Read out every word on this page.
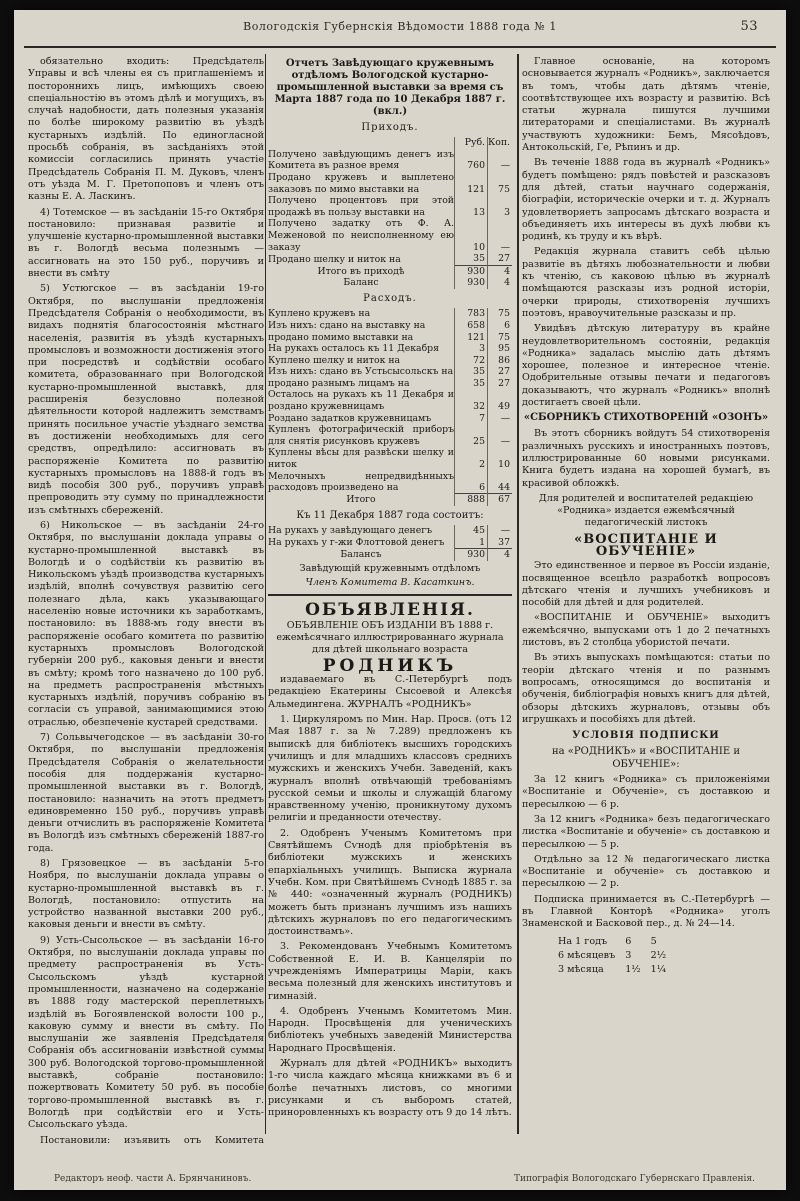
Вологодскія Губернскія Вѣдомости 1888 года № 1	53

обязательно входить: Предсѣдатель Управы и всѣ члены ея съ приглашеніемъ и постороннихъ лицъ, имѣющихъ своею спеціальностію въ этомъ дѣлѣ и могущихъ, въ случаѣ надобности, дать полезныя указанія по болѣе широкому развитію въ уѣздѣ кустарныхъ издѣлій. По единогласной просьбѣ собранія, въ засѣданіяхъ этой комиссіи согласились принять участіе Предсѣдатель Собранія П. М. Дуковъ, членъ отъ уѣзда М. Г. Претопоповъ и членъ отъ казны Е. А. Ласкинъ.

4) Тотемское — въ засѣданіи 15-го Октября постановило: признавая развитіе и улучшеніе кустарно-промышленной выставки въ г. Вологдѣ весьма полезнымъ — ассигновать на это 150 руб., поручивъ и внести въ смѣту

5) Устюгское — въ засѣданіи 19-го Октября, по выслушаніи предложенія Предсѣдателя Собранія о необходимости, въ видахъ поднятія благосостоянія мѣстнаго населенія, развитія въ уѣздѣ кустарныхъ промысловъ и возможности достиженія этого при посредствѣ и содѣйствіи особаго комитета, образованнаго при Вологодской кустарно-промышленной выставкѣ, для расширенія безусловно полезной дѣятельности которой надлежитъ земствамъ принять посильное участіе уѣзднаго земства въ достиженіи необходимыхъ для сего средствъ, опредѣлило: ассигновать въ распоряженіе Комитета по развитію кустарныхъ промысловъ на 1888-й годъ въ видѣ пособія 300 руб., поручивъ управѣ препроводить эту сумму по принадлежности изъ смѣтныхъ сбереженій.

6) Никольское — въ засѣданіи 24-го Октября, по выслушаніи доклада управы о кустарно-промышленной выставкѣ въ Вологдѣ и о содѣйствіи къ развитію въ Никольскомъ уѣздѣ производства кустарныхъ издѣлій, вполнѣ сочувствуя развитію сего полезнаго дѣла, какъ указывающаго населенію новые источники къ заработкамъ, постановило: въ 1888-мъ году внести въ распоряженіе особаго комитета по развитію кустарныхъ промысловъ Вологодской губерніи 200 руб., каковыя деньги и внести въ смѣту; кромѣ того назначено до 100 руб. на предметъ распространенія мѣстныхъ кустарныхъ издѣлій, поручивъ собранію въ согласіи съ управой, занимающимися этою отраслью, обезпеченіе кустарей средствами.

7) Сольвычегодское — въ засѣданіи 30-го Октября, по выслушаніи предложенія Предсѣдателя Собранія о желательности пособія для поддержанія кустарно-промышленной выставки въ г. Вологдѣ, постановило: назначить на этотъ предметъ единовременно 150 руб., поручивъ управѣ деньги отчислить въ распоряженіе Комитета въ Вологдѣ изъ смѣтныхъ сбереженій 1887-го года.

8) Грязовецкое — въ засѣданіи 5-го Ноября, по выслушаніи доклада управы о кустарно-промышленной выставкѣ въ г. Вологдѣ, постановило: отпустить на устройство названной выставки 200 руб., каковыя деньги и внести въ смѣту.

9) Усть-Сысольское — въ засѣданіи 16-го Октября, по выслушаніи доклада управы по предмету распространенія въ Усть-Сысольскомъ уѣздѣ кустарной промышленности, назначено на содержаніе въ 1888 году мастерской переплетныхъ издѣлій въ Богоявленской волости 100 р., каковую сумму и внести въ смѣту. По выслушаніи же заявленія Предсѣдателя Собранія объ ассигнованіи извѣстной суммы 300 руб. Вологодской торгово-промышленной выставкѣ, собраніе постановило: пожертвовать Комитету 50 руб. въ пособіе торгово-промышленной выставкѣ въ г. Вологдѣ при содѣйствіи его и Усть-Сысольскаго уѣзда.

Постановили: изъявить отъ Комитета

Отчетъ Завѣдующаго кружевнымъ отдѣломъ Вологодской кустарно-промышленной выставки за время съ Марта 1887 года по 10 Декабря 1887 г. (вкл.)
Приходъ.
	Руб.	Коп.
Получено завѣдующимъ денегъ изъ Комитета въ разное время	760	—
Продано кружевъ и выплетено заказовъ по мимо выставки на	121	75
Получено процентовъ при этой продажѣ въ пользу выставки на	13	3
Получено задатку отъ Ф. А. Меженовой по неисполненному ею заказу	10	—
Продано шелку и ниток на	35	27
Итого въ приходѣ	930	4
Баланс	930	4
Расходъ.
Куплено кружевъ на	783	75
Изъ нихъ: сдано на выставку на	658	6
продано помимо выставки на	121	75
На рукахъ осталось къ 11 Декабря	3	95
Куплено шелку и ниток на	72	86
Изъ нихъ: сдано въ Устьсысольскъ на	35	27
продано разнымъ лицамъ на	35	27
Осталось на рукахъ къ 11 Декабря и роздано кружевницамъ	32	49
Роздано задатков кружевницамъ	7	—
Купленъ фотографическій приборъ для снятія рисунковъ кружевъ	25	—
Куплены вѣсы для развѣски шелку и ниток	2	10
Мелочныхъ непредвидѣнныхъ расходовъ произведено на	6	44
Итого	888	67
Къ 11 Декабря 1887 года состоитъ:
На рукахъ у завѣдующаго денегъ	45	—
На рукахъ у г-жи Флоттовой денегъ	1	37
Балансъ	930	4
Завѣдующій кружевнымъ отдѣломъ
Членъ Комитета В. Касаткинъ.
ОБЪЯВЛЕНІЯ.
ОБЪЯВЛЕНІЕ ОБЪ ИЗДАНІИ ВЪ 1888 г. ежемѣсячнаго иллюстрированнаго журнала для дѣтей школьнаго возраста
РОДНИКЪ

издаваемаго въ С.-Петербургѣ подъ редакціею Екатерины Сысоевой и Алексѣя Альмедингена. ЖУРНАЛЪ «РОДНИКЪ»

1. Циркуляромъ по Мин. Нар. Просв. (отъ 12 Мая 1887 г. за № 7.289) предложенъ къ выпискѣ для библіотекъ высшихъ городскихъ училищъ и для младшихъ классовъ среднихъ мужскихъ и женскихъ Учебн. Заведеній, какъ журналъ вполнѣ отвѣчающій требованіямъ русской семьи и школы и служащій благому нравственному ученію, проникнутому духомъ религіи и преданности отечеству.

2. Одобренъ Ученымъ Комитетомъ при Святѣйшемъ Сѵнодѣ для пріобрѣтенія въ библіотеки мужскихъ и женскихъ епархіальныхъ училищъ. Выписка журнала Учебн. Ком. при Святѣйшемъ Сѵнодѣ 1885 г. за № 440: «означенный журналъ (РОДНИКЪ) можетъ быть признанъ лучшимъ изъ нашихъ дѣтскихъ журналовъ по его педагогическимъ достоинствамъ».

3. Рекомендованъ Учебнымъ Комитетомъ Собственной Е. И. В. Канцеляріи по учрежденіямъ Императрицы Маріи, какъ весьма полезный для женскихъ институтовъ и гимназій.

4. Одобренъ Ученымъ Комитетомъ Мин. Народн. Просвѣщенія для ученическихъ библіотекъ учебныхъ заведеній Министерства Народнаго Просвѣщенія.

Журналъ для дѣтей «РОДНИКЪ» выходитъ 1-го числа каждаго мѣсяца книжками въ 6 и болѣе печатныхъ листовъ, со многими рисунками и съ выборомъ статей, приноровленныхъ къ возрасту отъ 9 до 14 лѣтъ.

Главное основаніе, на которомъ основывается журналъ «Родникъ», заключается въ томъ, чтобы дать дѣтямъ чтеніе, соотвѣтствующее ихъ возрасту и развитію. Всѣ статьи журнала пишутся лучшими литераторами и спеціалистами. Въ журналѣ участвуютъ художники: Бемъ, Мясоѣдовъ, Антокольскій, Ге, Рѣпинъ и др.

Въ теченіе 1888 года въ журналѣ «Родникъ» будетъ помѣщено: рядъ повѣстей и разсказовъ для дѣтей, статьи научнаго содержанія, біографіи, историческіе очерки и т. д. Журналъ удовлетворяетъ запросамъ дѣтскаго возраста и объединяетъ ихъ интересы въ духѣ любви къ родинѣ, къ труду и къ вѣрѣ.

Редакція журнала ставитъ себѣ цѣлью развитіе въ дѣтяхъ любознательности и любви къ чтенію, съ каковою цѣлью въ журналѣ помѣщаются разсказы изъ родной исторіи, очерки природы, стихотворенія лучшихъ поэтовъ, нравоучительные разсказы и пр.

Увидѣвъ дѣтскую литературу въ крайне неудовлетворительномъ состояніи, редакція «Родника» задалась мыслію дать дѣтямъ хорошее, полезное и интересное чтеніе. Одобрительные отзывы печати и педагоговъ доказываютъ, что журналъ «Родникъ» вполнѣ достигаетъ своей цѣли.

«СБОРНИКЪ СТИХОТВОРЕНІЙ «ОЗОНЪ»

Въ этотъ сборникъ войдутъ 54 стихотворенія различныхъ русскихъ и иностранныхъ поэтовъ, иллюстрированные 60 новыми рисунками. Книга будетъ издана на хорошей бумагѣ, въ красивой обложкѣ.

Для родителей и воспитателей редакціею «Родника» издается ежемѣсячный педагогическій листокъ

«ВОСПИТАНІЕ И ОБУЧЕНІЕ»

Это единственное и первое въ Россіи изданіе, посвященное всецѣло разработкѣ вопросовъ дѣтскаго чтенія и лучшихъ учебниковъ и пособій для дѣтей и для родителей.

«ВОСПИТАНІЕ И ОБУЧЕНІЕ» выходитъ ежемѣсячно, выпусками отъ 1 до 2 печатныхъ листовъ, въ 2 столбца убористой печати.

Въ этихъ выпускахъ помѣщаются: статьи по теоріи дѣтскаго чтенія и по разнымъ вопросамъ, относящимся до воспитанія и обученія, библіографія новыхъ книгъ для дѣтей, обзоры дѣтскихъ журналовъ, отзывы объ игрушкахъ и пособіяхъ для дѣтей.

УСЛОВІЯ ПОДПИСКИ
на «РОДНИКЪ» и «ВОСПИТАНІЕ и ОБУЧЕНІЕ»:

За 12 книгъ «Родника» съ приложеніями «Воспитаніе и Обученіе», съ доставкою и пересылкою — 6 р.

За 12 книгъ «Родника» безъ педагогическаго листка «Воспитаніе и обученіе» съ доставкою и пересылкою — 5 р.

Отдѣльно за 12 № педагогическаго листка «Воспитаніе и обученіе» съ доставкою и пересылкою — 2 р.

Подписка принимается въ С.-Петербургѣ — въ Главной Конторѣ «Родника» уголъ Знаменской и Басковой пер., д. № 24—14.

На 1 годъ	6	5
6 мѣсяцевъ	3	2½
3 мѣсяца	1½	1¼
Редакторъ неоф. части А. Брянчаниновъ.	Типографія Вологодскаго Губернскаго Правленія.
